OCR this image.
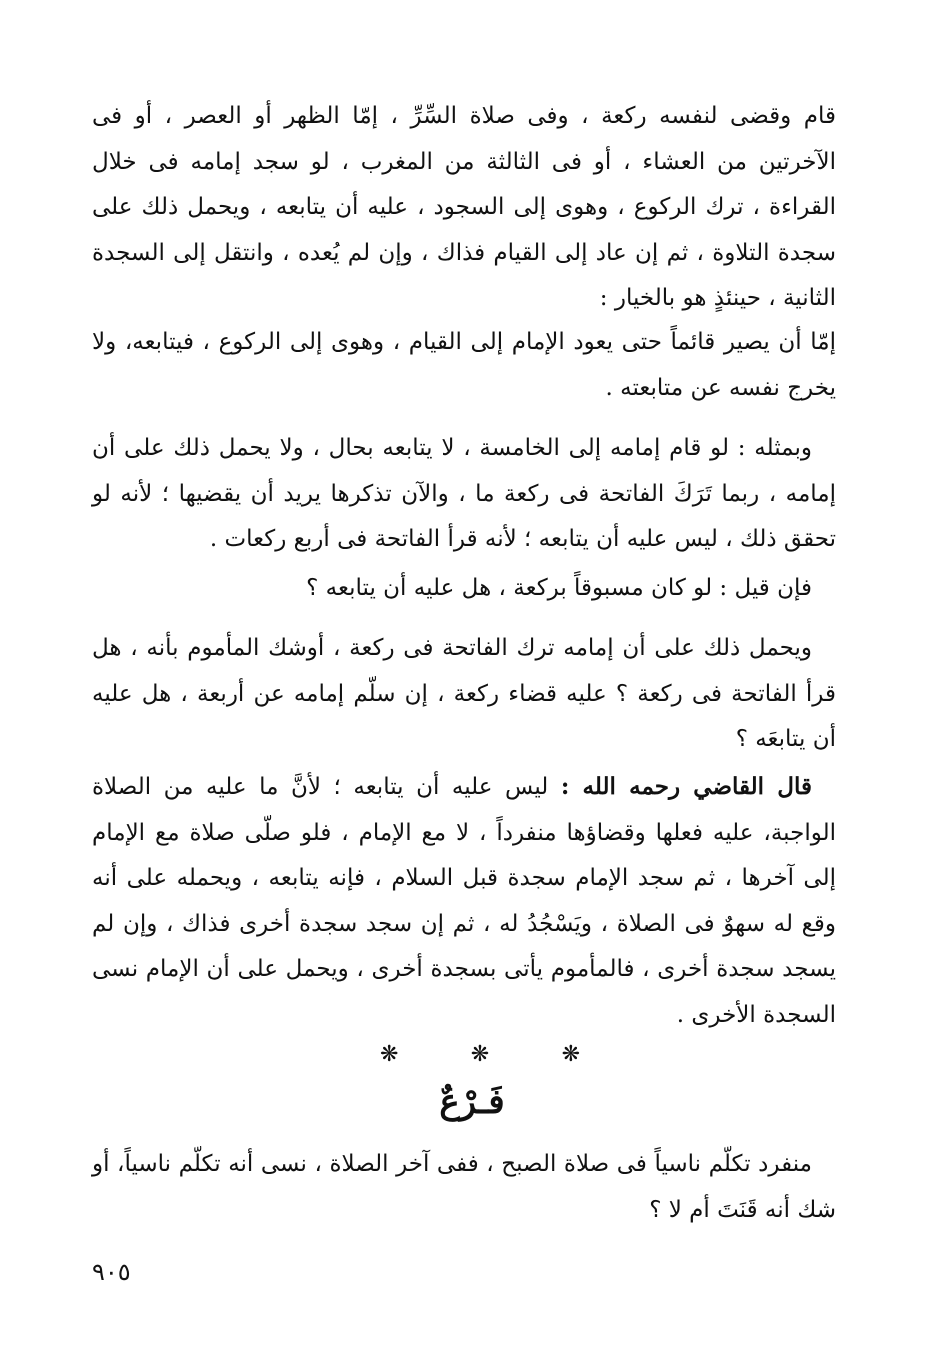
قام وقضى لنفسه ركعة ، وفى صلاة السِّرِّ ، إمّا الظهر أو العصر ، أو فى الآخرتين من العشاء ، أو فى الثالثة من المغرب ، لو سجد إمامه فى خلال القراءة ، ترك الركوع ، وهوى إلى السجود ، عليه أن يتابعه ، ويحمل ذلك على سجدة التلاوة ، ثم إن عاد إلى القيام فذاك ، وإن لم يُعده ، وانتقل إلى السجدة الثانية ، حينئذٍ هو بالخيار :

إمّا أن يصير قائماً حتى يعود الإمام إلى القيام ، وهوى إلى الركوع ، فيتابعه، ولا يخرج نفسه عن متابعته .

وبمثله : لو قام إمامه إلى الخامسة ، لا يتابعه بحال ، ولا يحمل ذلك على أن إمامه ، ربما تَرَكَ الفاتحة فى ركعة ما ، والآن تذكرها يريد أن يقضيها ؛ لأنه لو تحقق ذلك ، ليس عليه أن يتابعه ؛ لأنه قرأ الفاتحة فى أربع ركعات .

فإن قيل : لو كان مسبوقاً بركعة ، هل عليه أن يتابعه ؟

ويحمل ذلك على أن إمامه ترك الفاتحة فى ركعة ، أوشك المأموم بأنه ، هل قرأ الفاتحة فى ركعة ؟ عليه قضاء ركعة ، إن سلّم إمامه عن أربعة ، هل عليه أن يتابعَه ؟

قال القاضي رحمه الله : ليس عليه أن يتابعه ؛ لأنَّ ما عليه من الصلاة الواجبة، عليه فعلها وقضاؤها منفرداً ، لا مع الإمام ، فلو صلّى صلاة مع الإمام إلى آخرها ، ثم سجد الإمام سجدة قبل السلام ، فإنه يتابعه ، ويحمله على أنه وقع له سهوٌ فى الصلاة ، ويَسْجُدُ له ، ثم إن سجد سجدة أخرى فذاك ، وإن لم يسجد سجدة أخرى ، فالمأموم يأتى بسجدة أخرى ، ويحمل على أن الإمام نسى السجدة الأخرى .

❋
❋
❋
فَـرْعٌ

منفرد تكلّم ناسياً فى صلاة الصبح ، ففى آخر الصلاة ، نسى أنه تكلّم ناسياً، أو شك أنه قَنَتَ أم لا ؟

٩٠٥
